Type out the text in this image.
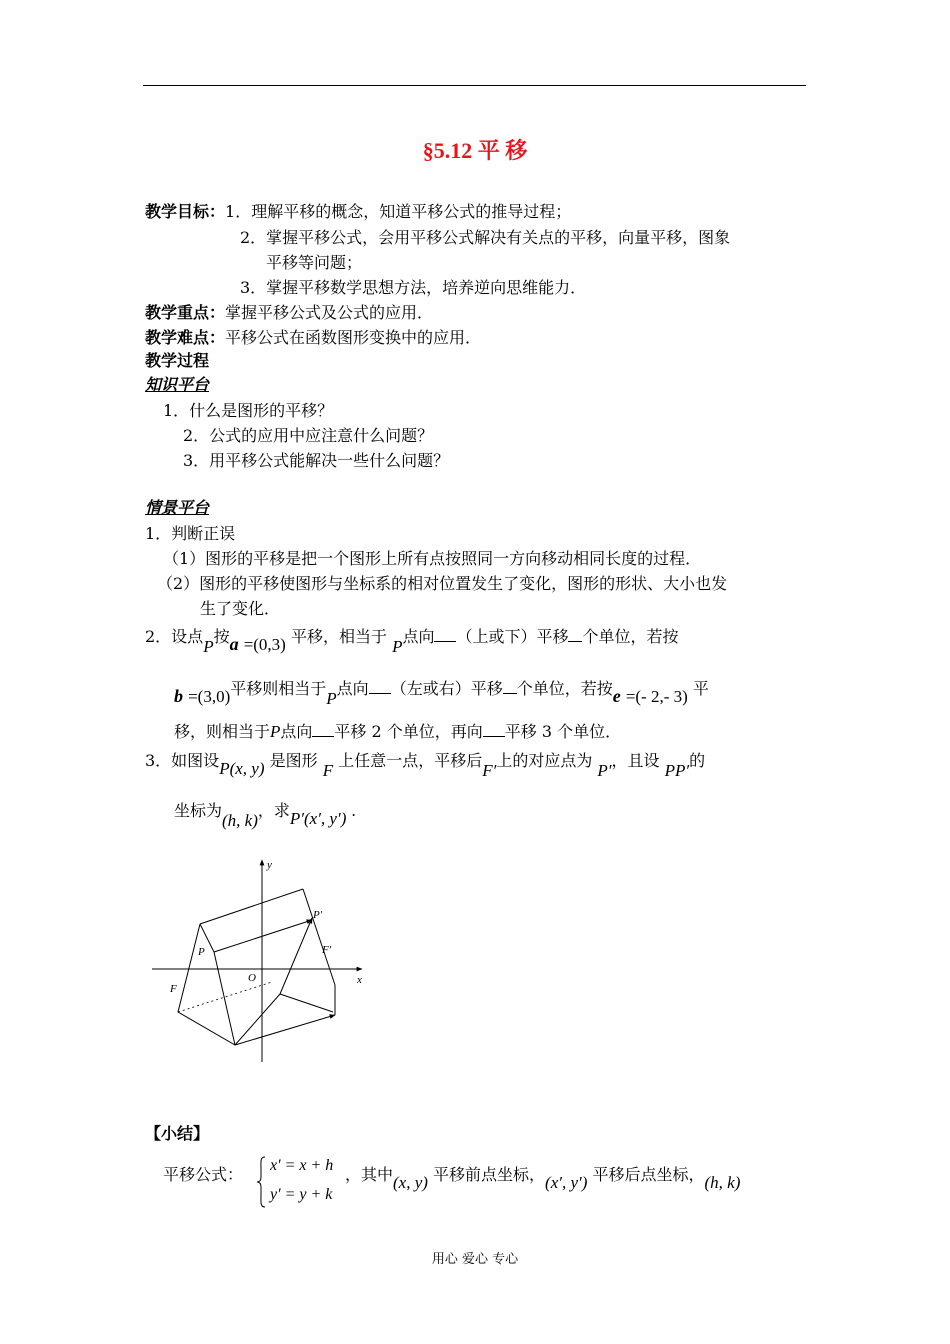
§5.12 平 移
教学目标：1．理解平移的概念，知道平移公式的推导过程；
2．掌握平移公式，会用平移公式解决有关点的平移，向量平移，图象
平移等问题；
3．掌握平移数学思想方法，培养逆向思维能力．
教学重点：掌握平移公式及公式的应用．
教学难点：平移公式在函数图形变换中的应用．
教学过程
知识平台
1．什么是图形的平移？
2．公式的应用中应注意什么问题？
3．用平移公式能解决一些什么问题？
情景平台
1．判断正误
（1）图形的平移是把一个图形上所有点按照同一方向移动相同长度的过程．
（2）图形的平移使图形与坐标系的相对位置发生了变化，图形的形状、大小也发
生了变化．
2．设点P按a =(0,3) 平移，相当于 P点向 （上或下）平移 个单位，若按
b =(3,0)平移则相当于P点向 （左或右）平移 个单位，若按e =(- 2,- 3) 平
移，则相当于P点向 平移 2 个单位，再向 平移 3 个单位．
3．如图设P(x, y) 是图形 F 上任意一点，平移后F′上的对应点为 P′，且设 PP′的
坐标为(h, k)，求P′(x′, y′) .
y
x
O
P
P′
F
F′
【小结】
平移公式： x′ = x + h
y′ = y + k
，其中(x, y) 平移前点坐标，(x′, y′) 平移后点坐标，(h, k)
用心 爱心 专心
